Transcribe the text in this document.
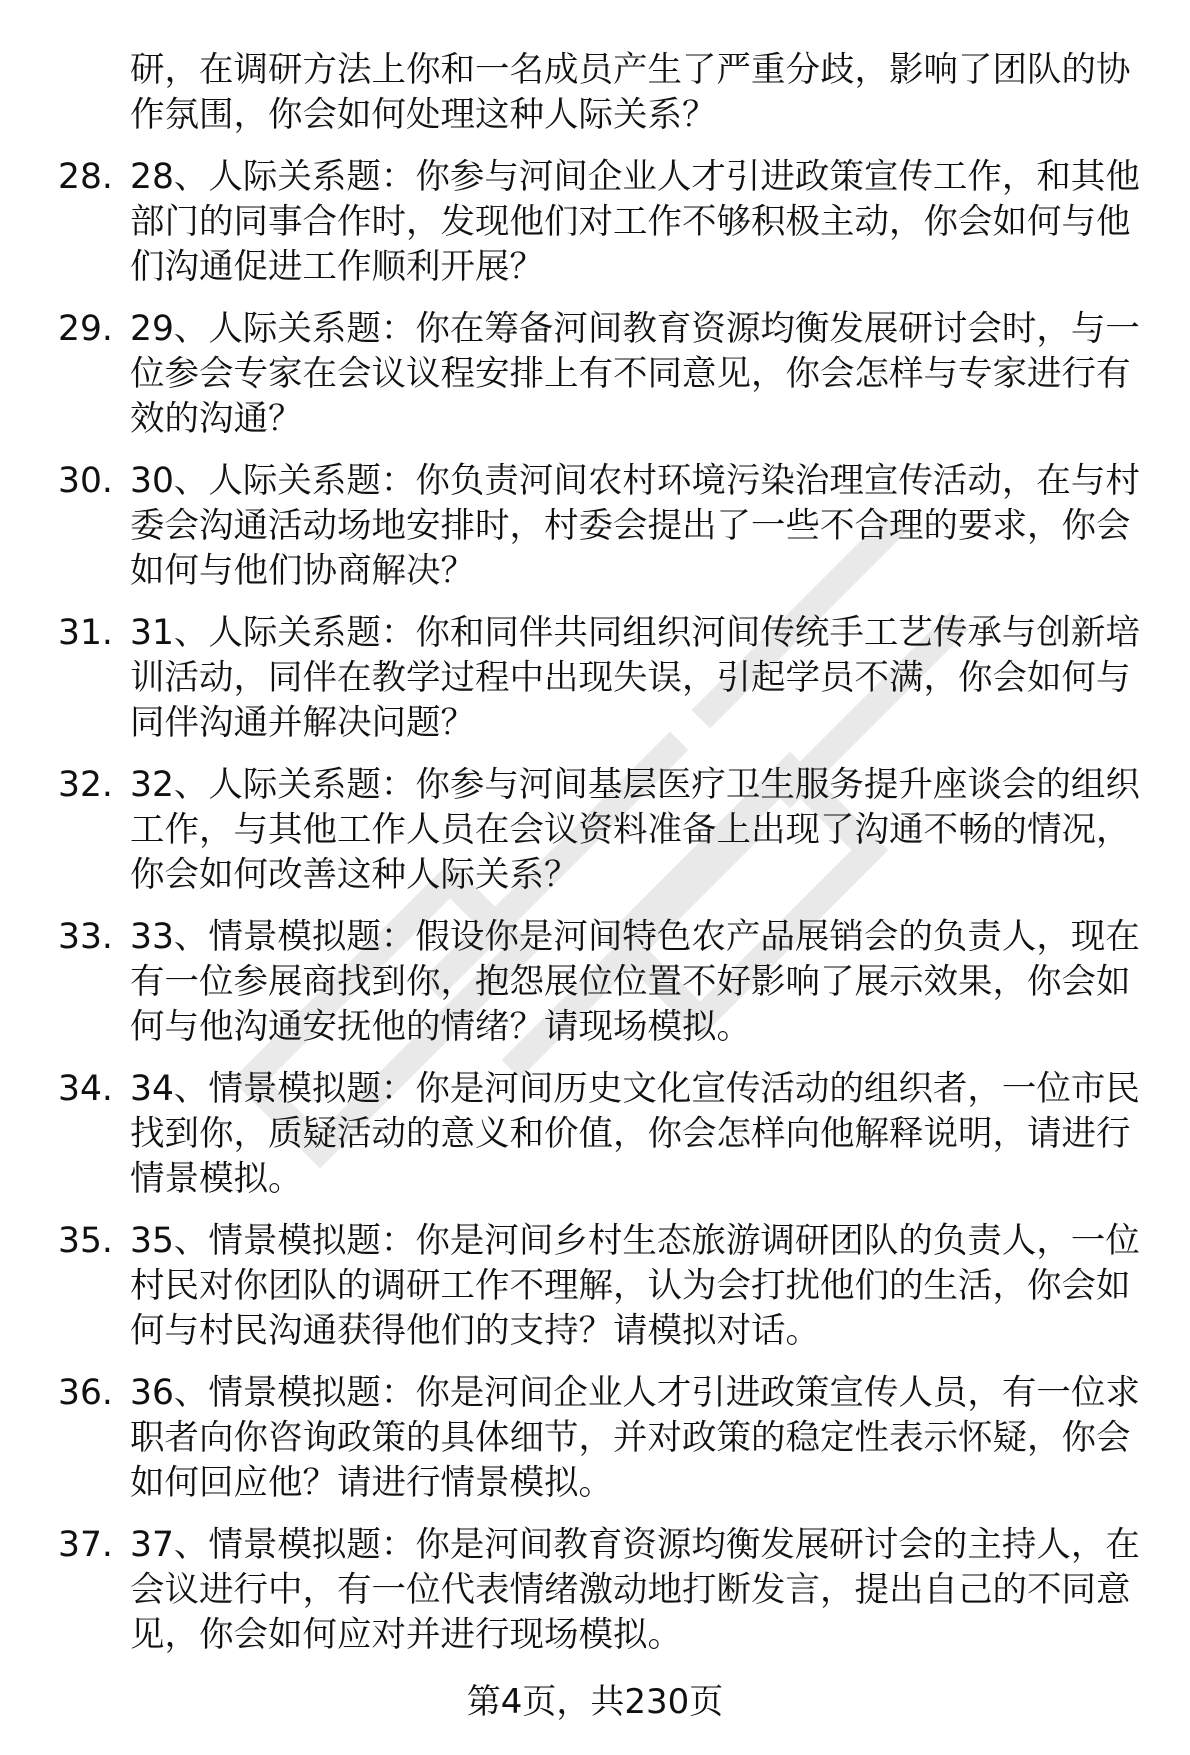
研，在调研方法上你和一名成员产生了严重分歧，影响了团队的协作氛围，你会如何处理这种人际关系？
28. 28、人际关系题：你参与河间企业人才引进政策宣传工作，和其他部门的同事合作时，发现他们对工作不够积极主动，你会如何与他们沟通促进工作顺利开展？
29. 29、人际关系题：你在筹备河间教育资源均衡发展研讨会时，与一位参会专家在会议议程安排上有不同意见，你会怎样与专家进行有效的沟通？
30. 30、人际关系题：你负责河间农村环境污染治理宣传活动，在与村委会沟通活动场地安排时，村委会提出了一些不合理的要求，你会如何与他们协商解决？
31. 31、人际关系题：你和同伴共同组织河间传统手工艺传承与创新培训活动，同伴在教学过程中出现失误，引起学员不满，你会如何与同伴沟通并解决问题？
32. 32、人际关系题：你参与河间基层医疗卫生服务提升座谈会的组织工作，与其他工作人员在会议资料准备上出现了沟通不畅的情况，你会如何改善这种人际关系？
33. 33、情景模拟题：假设你是河间特色农产品展销会的负责人，现在有一位参展商找到你，抱怨展位位置不好影响了展示效果，你会如何与他沟通安抚他的情绪？请现场模拟。
34. 34、情景模拟题：你是河间历史文化宣传活动的组织者，一位市民找到你，质疑活动的意义和价值，你会怎样向他解释说明，请进行情景模拟。
35. 35、情景模拟题：你是河间乡村生态旅游调研团队的负责人，一位村民对你团队的调研工作不理解，认为会打扰他们的生活，你会如何与村民沟通获得他们的支持？请模拟对话。
36. 36、情景模拟题：你是河间企业人才引进政策宣传人员，有一位求职者向你咨询政策的具体细节，并对政策的稳定性表示怀疑，你会如何回应他？请进行情景模拟。
37. 37、情景模拟题：你是河间教育资源均衡发展研讨会的主持人，在会议进行中，有一位代表情绪激动地打断发言，提出自己的不同意见，你会如何应对并进行现场模拟。
第4页，共230页
